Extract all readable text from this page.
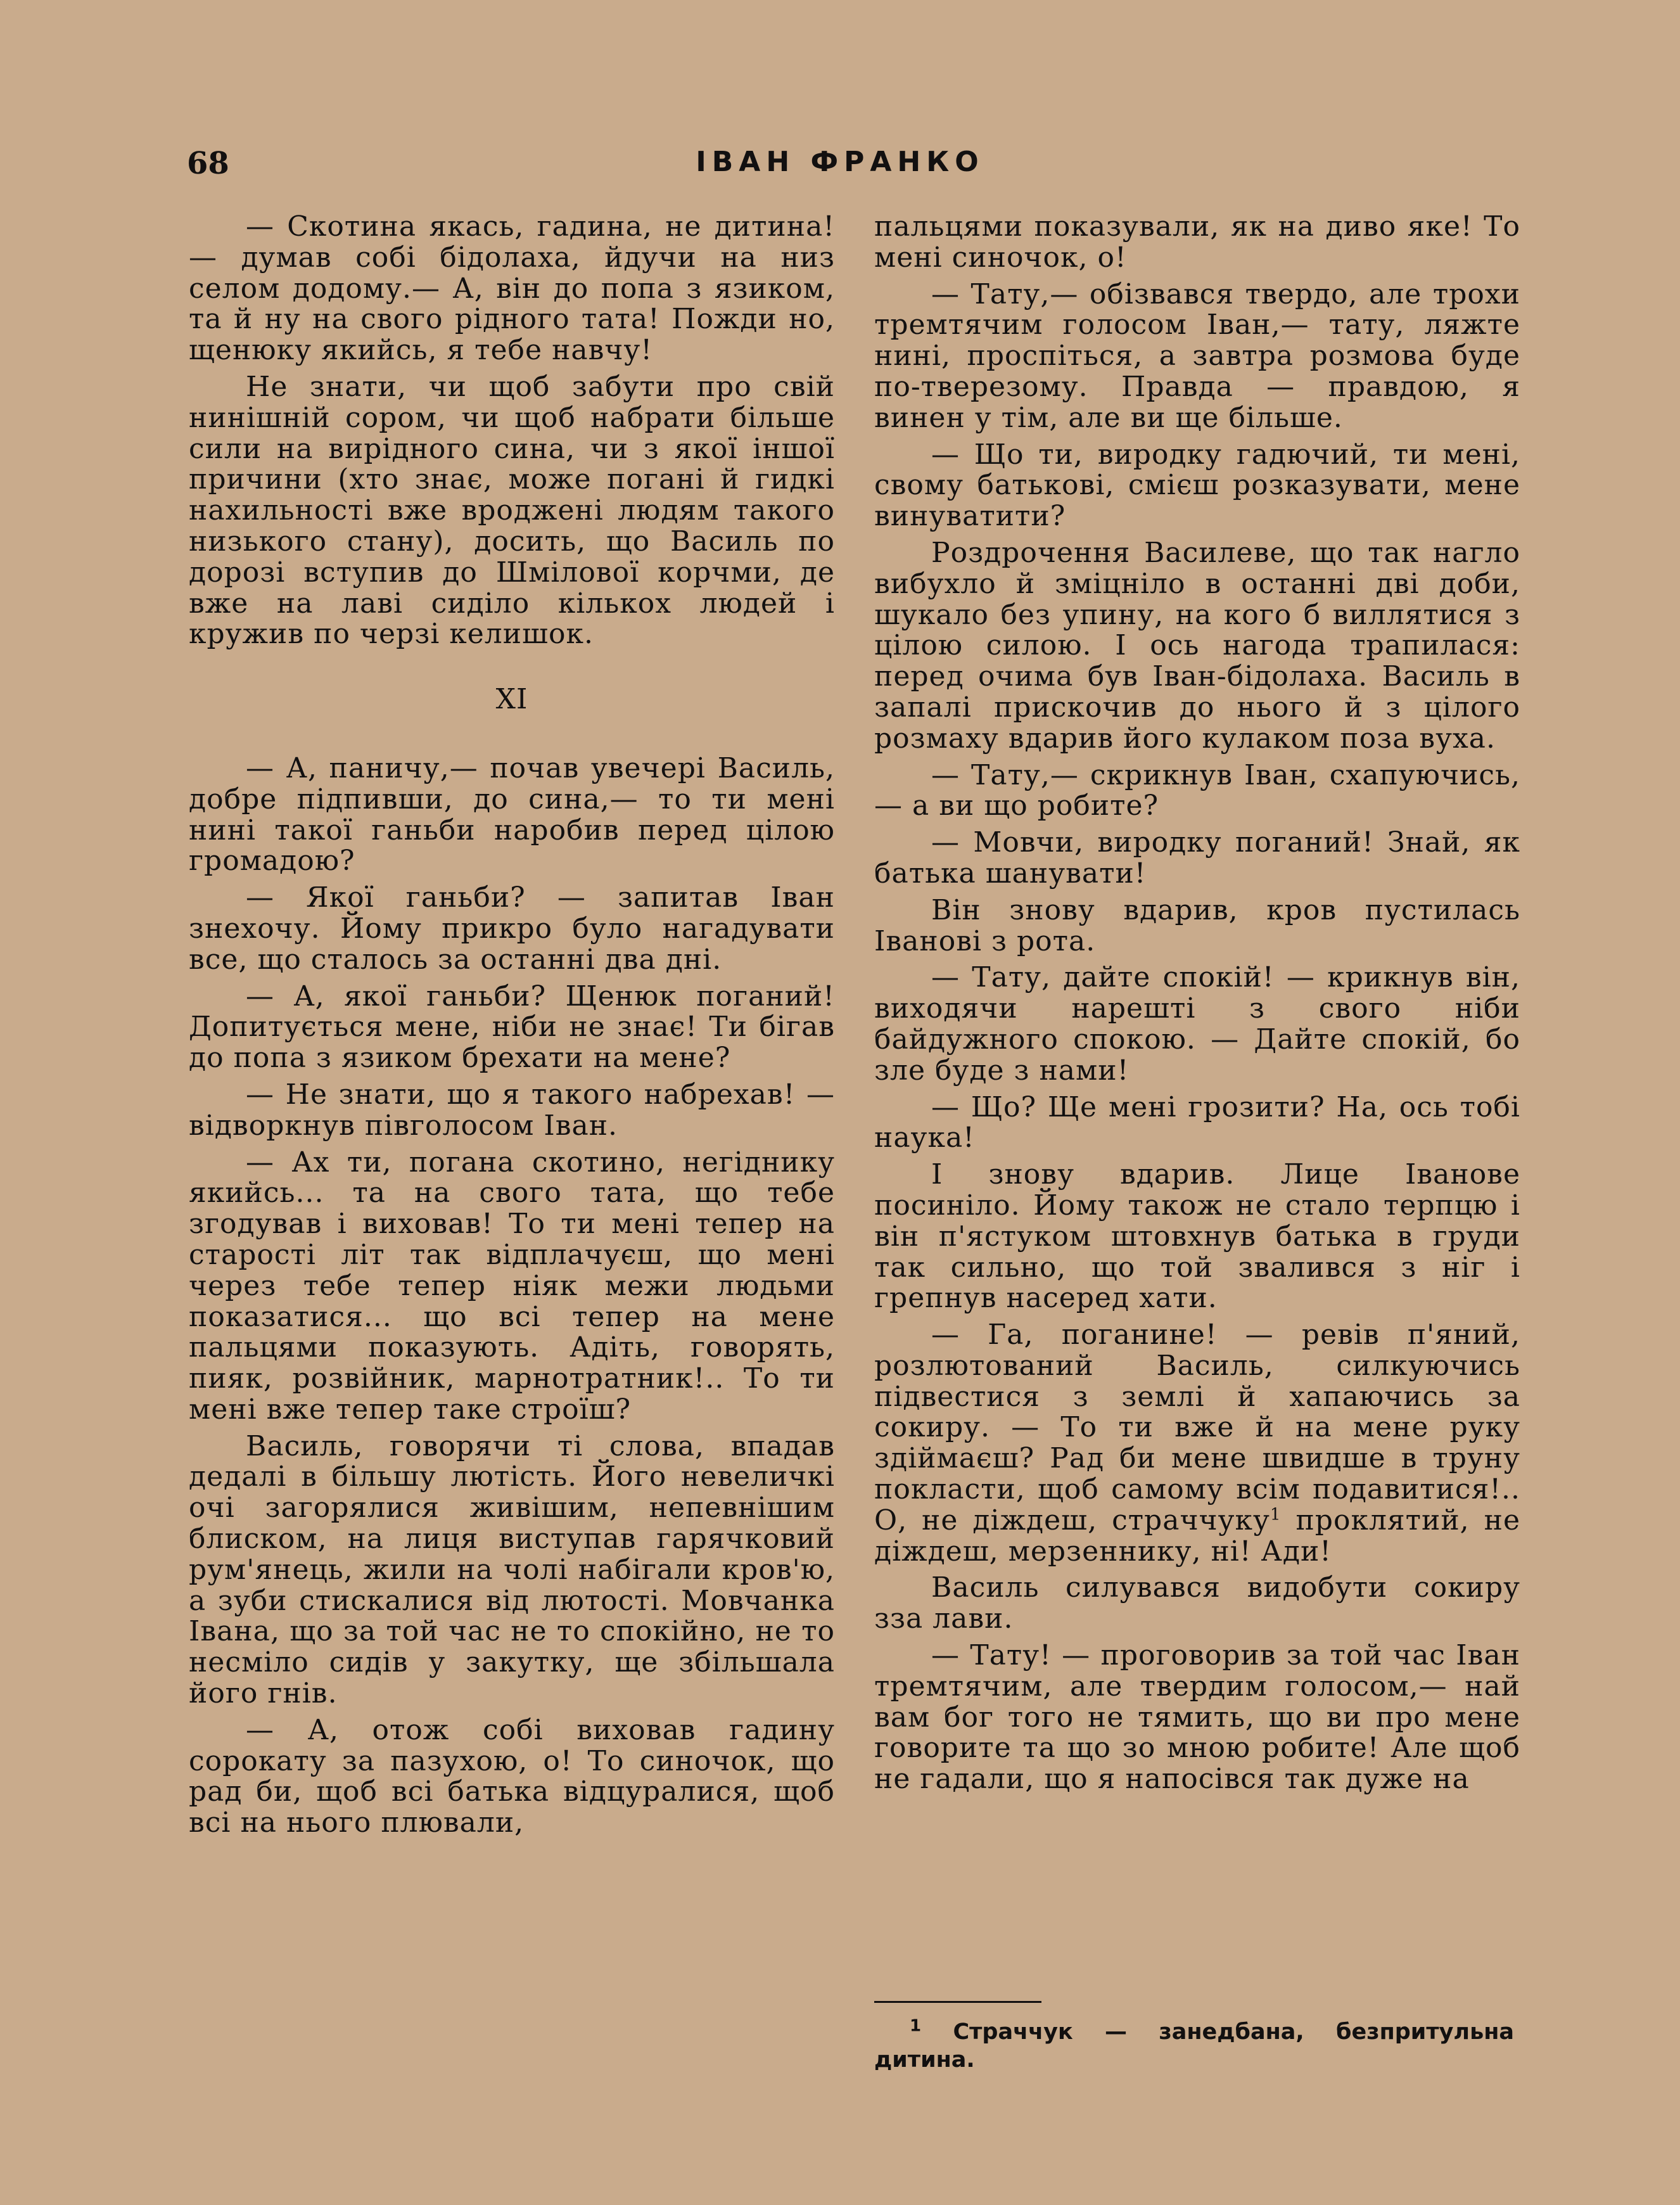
68	ІВАН ФРАНКО

— Скотина якась, гадина, не дитина! — думав собі бідолаха, йдучи на низ селом додому.— А, він до попа з язиком, та й ну на свого рідного тата! Пожди но, щенюку якийсь, я тебе навчу!

Не знати, чи щоб забути про свій нинішній сором, чи щоб набрати більше сили на вирідного сина, чи з якої іншої причини (хто знає, може погані й гидкі нахильності вже вроджені людям такого низького стану), досить, що Василь по дорозі вступив до Шмілової корчми, де вже на лаві сиділо кількох людей і кружив по черзі келишок.

XI

— А, паничу,— почав увечері Василь, добре підпивши, до сина,— то ти мені нині такої ганьби наробив перед цілою громадою?

— Якої ганьби? — запитав Іван знехочу. Йому прикро було нагадувати все, що сталось за останні два дні.

— А, якої ганьби? Щенюк поганий! Допитується мене, ніби не знає! Ти бігав до попа з язиком брехати на мене?

— Не знати, що я такого набрехав! — відворкнув півголосом Іван.

— Ах ти, погана скотино, негіднику якийсь... та на свого тата, що тебе згодував і виховав! То ти мені тепер на старості літ так відплачуєш, що мені через тебе тепер ніяк межи людьми показатися... що всі тепер на мене пальцями показують. Адіть, говорять, пияк, розвійник, марнотратник!.. То ти мені вже тепер таке строїш?

Василь, говорячи ті слова, впадав дедалі в більшу лютість. Його невеличкі очі загорялися живішим, непевнішим блиском, на лиця виступав гарячковий рум'янець, жили на чолі набігали кров'ю, а зуби стискалися від лютості. Мовчанка Івана, що за той час не то спокійно, не то несміло сидів у закутку, ще збільшала його гнів.

— А, отож собі виховав гадину сорокату за пазухою, о! То синочок, що рад би, щоб всі батька відцуралися, щоб всі на нього плювали,

пальцями показували, як на диво яке! То мені синочок, о!

— Тату,— обізвався твердо, але трохи тремтячим голосом Іван,— тату, ляжте нині, проспіться, а завтра розмова буде по-тверезому. Правда — правдою, я винен у тім, але ви ще більше.

— Що ти, виродку гадючий, ти мені, свому батькові, смієш розказувати, мене винуватити?

Роздрочення Василеве, що так нагло вибухло й зміцніло в останні дві доби, шукало без упину, на кого б виллятися з цілою силою. І ось нагода трапилася: перед очима був Іван-бідолаха. Василь в запалі прискочив до нього й з цілого розмаху вдарив його кулаком поза вуха.

— Тату,— скрикнув Іван, схапуючись,— а ви що робите?

— Мовчи, виродку поганий! Знай, як батька шанувати!

Він знову вдарив, кров пустилась Іванові з рота.

— Тату, дайте спокій! — крикнув він, виходячи нарешті з свого ніби байдужного спокою. — Дайте спокій, бо зле буде з нами!

— Що? Ще мені грозити? На, ось тобі наука!

І знову вдарив. Лице Іванове посиніло. Йому також не стало терпцю і він п'ястуком штовхнув батька в груди так сильно, що той звалився з ніг і грепнув насеред хати.

— Га, поганине! — ревів п'яний, розлютований Василь, силкуючись підвестися з землі й хапаючись за сокиру. — То ти вже й на мене руку здіймаєш? Рад би мене швидше в труну покласти, щоб самому всім подавитися!.. О, не діждеш, страччуку$^1$ проклятий, не діждеш, мерзеннику, ні! Ади!

Василь силувався видобути сокиру зза лави.

— Тату! — проговорив за той час Іван тремтячим, але твердим голосом,— най вам бог того не тямить, що ви про мене говорите та що зо мною робите! Але щоб не гадали, що я напосівся так дуже на

$^1$ Страччук — занедбана, безпритульна дитина.
